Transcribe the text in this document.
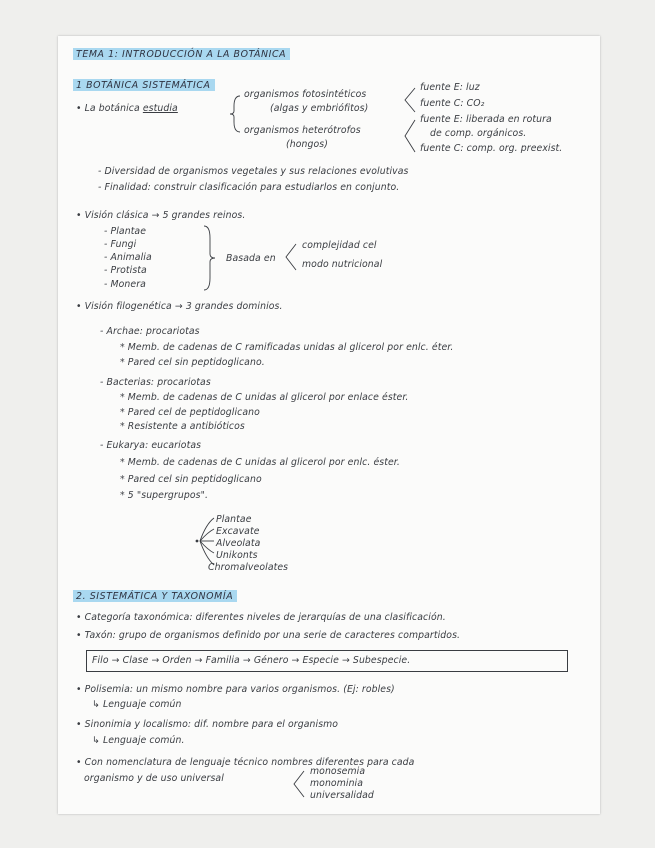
TEMA 1: INTRODUCCIÓN A LA BOTÁNICA
1 BOTÁNICA SISTEMÁTICA
• La botánica estudia
organismos fotosintéticos
(algas y embriófitos)
fuente E: luz
fuente C: CO₂
organismos heterótrofos
(hongos)
fuente E: liberada en rotura
de comp. orgánicos.
fuente C: comp. org. preexist.
- Diversidad de organismos vegetales y sus relaciones evolutivas
- Finalidad: construir clasificación para estudiarlos en conjunto.
• Visión clásica → 5 grandes reinos.
- Plantae
- Fungi
- Animalia
- Protista
- Monera
Basada en
complejidad cel
modo nutricional
• Visión filogenética → 3 grandes dominios.
- Archae: procariotas
* Memb. de cadenas de C ramificadas unidas al glicerol por enlc. éter.
* Pared cel sin peptidoglicano.
- Bacterias: procariotas
* Memb. de cadenas de C unidas al glicerol por enlace éster.
* Pared cel de peptidoglicano
* Resistente a antibióticos
- Eukarya: eucariotas
* Memb. de cadenas de C unidas al glicerol por enlc. éster.
* Pared cel sin peptidoglicano
* 5 "supergrupos".
Plantae
Excavate
Alveolata
Unikonts
Chromalveolates
2. SISTEMÁTICA Y TAXONOMÍA
• Categoría taxonómica: diferentes niveles de jerarquías de una clasificación.
• Taxón: grupo de organismos definido por una serie de caracteres compartidos.
Filo → Clase → Orden → Familia → Género → Especie → Subespecie.
• Polisemia: un mismo nombre para varios organismos. (Ej: robles)
↳ Lenguaje común
• Sinonimia y localismo: dif. nombre para el organismo
↳ Lenguaje común.
• Con nomenclatura de lenguaje técnico nombres diferentes para cada
organismo y de uso universal
monosemia
monominia
universalidad
